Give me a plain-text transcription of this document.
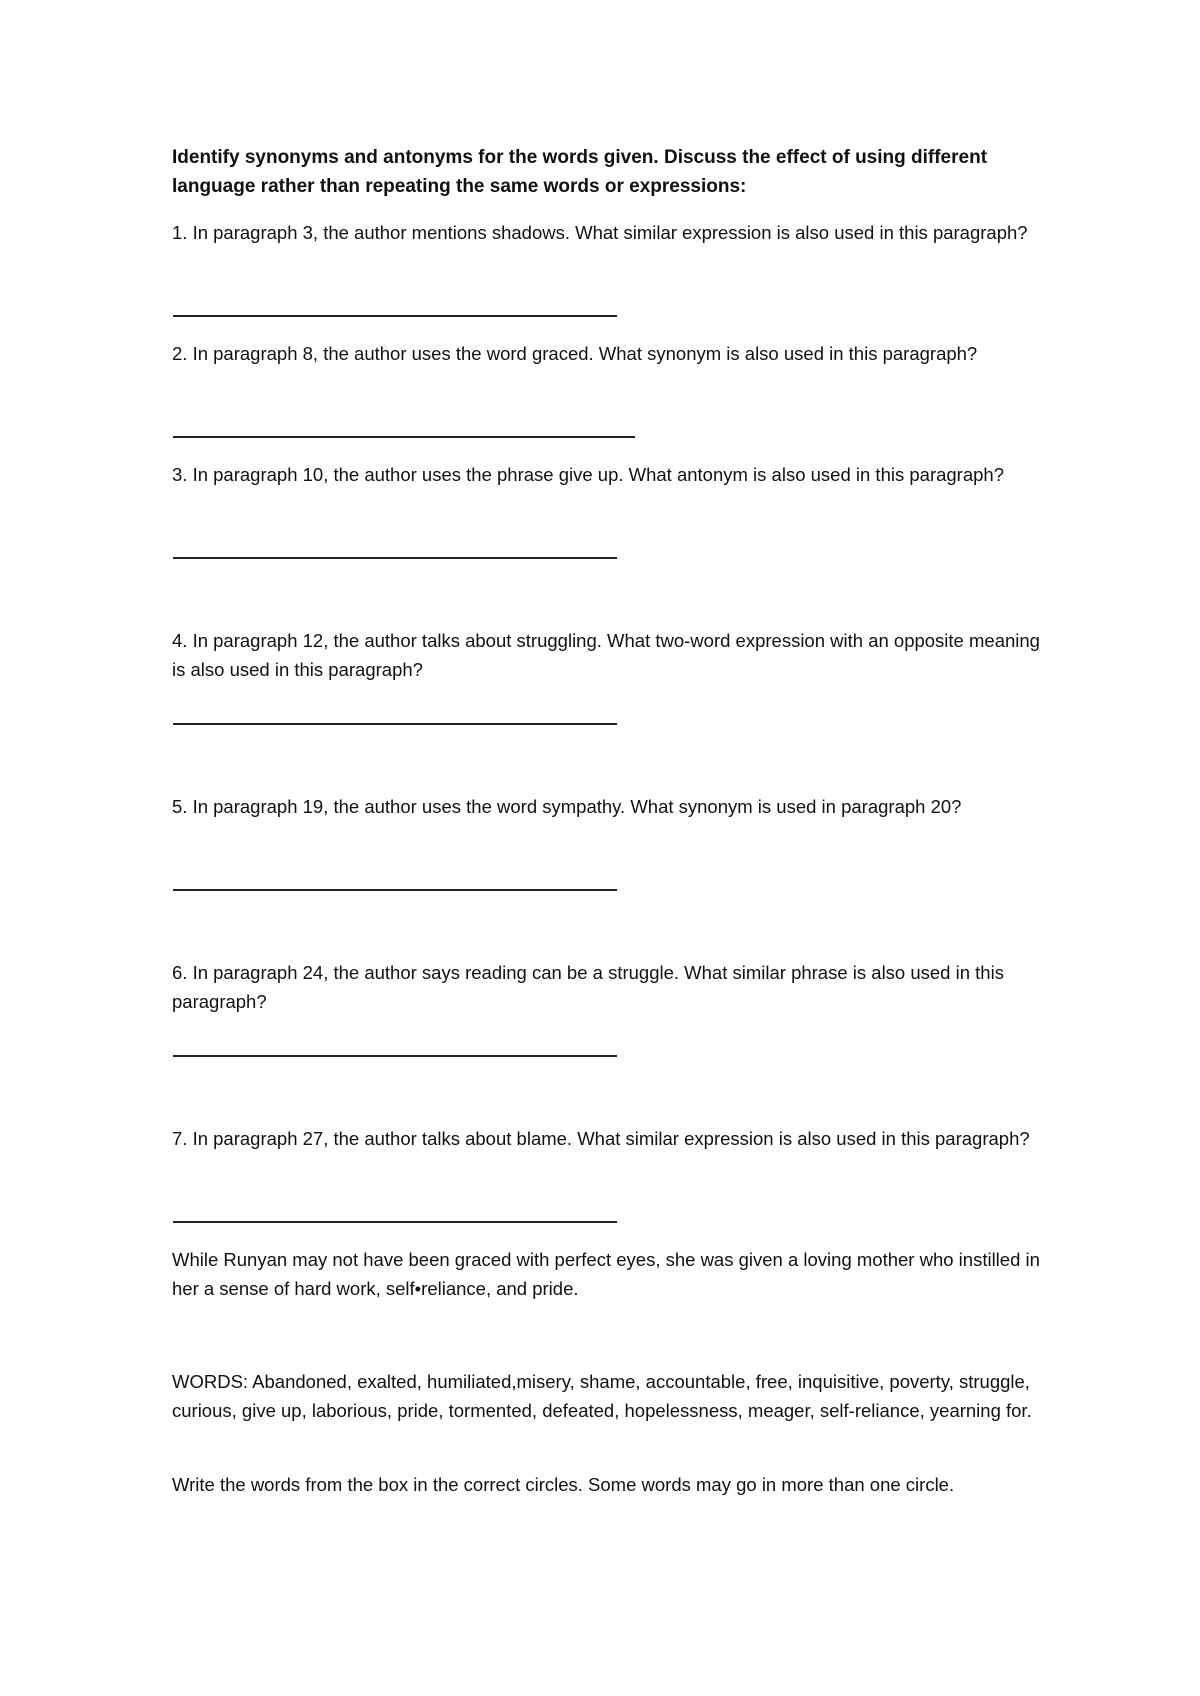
Identify synonyms and antonyms for the words given. Discuss the effect of using different language rather than repeating the same words or expressions:

1. In paragraph 3, the author mentions shadows. What similar expression is also used in this paragraph?

2. In paragraph 8, the author uses the word graced. What synonym is also used in this paragraph?

3. In paragraph 10, the author uses the phrase give up. What antonym is also used in this paragraph?

4. In paragraph 12, the author talks about struggling. What two-word expression with an opposite meaning is also used in this paragraph?

5. In paragraph 19, the author uses the word sympathy. What synonym is used in paragraph 20?

6. In paragraph 24, the author says reading can be a struggle. What similar phrase is also used in this paragraph?

7. In paragraph 27, the author talks about blame. What similar expression is also used in this paragraph?

While Runyan may not have been graced with perfect eyes, she was given a loving mother who instilled in her a sense of hard work, self•reliance, and pride.

WORDS: Abandoned, exalted, humiliated,misery, shame, accountable, free, inquisitive, poverty, struggle, curious, give up, laborious, pride, tormented, defeated, hopelessness, meager, self-reliance, yearning for.

Write the words from the box in the correct circles. Some words may go in more than one circle.
